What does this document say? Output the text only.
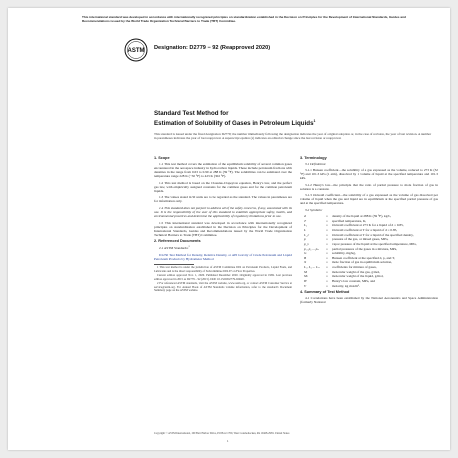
This international standard was developed in accordance with internationally recognized principles on standardization established in the Decision on Principles for the Development of International Standards, Guides and Recommendations issued by the World Trade Organization Technical Barriers to Trade (TBT) Committee.
ASTM
Designation: D2779 − 92 (Reapproved 2020)
Standard Test Method for
Estimation of Solubility of Gases in Petroleum Liquids$^1$
This standard is issued under the fixed designation D2779; the number immediately following the designation indicates the year of original adoption or, in the case of revision, the year of last revision. A number in parentheses indicates the year of last reapproval. A superscript epsilon (ε) indicates an editorial change since the last revision or reapproval.
1. Scope

1.1 This test method covers the estimation of the equilibrium solubility of several common gases encountered in the aerospace industry in hydrocarbon liquids. These include petroleum fractions with densities in the range from 0.63 to 0.90 at 288 K (59 °F). The solubilities can be estimated over the temperature range 228 K (−50 °F) to 423 K (302 °F).

1.2 This test method is based on the Clausius-Clapeyron equation, Henry's law, and the perfect gas law, with empirically assigned constants for the common gases and for the common petroleum liquids.

1.3 The values stated in SI units are to be regarded as the standard. The values in parentheses are for information only.

1.4 This standard does not purport to address all of the safety concerns, if any, associated with its use. It is the responsibility of the user of this standard to establish appropriate safety, health, and environmental practices and determine the applicability of regulatory limitations prior to use.

1.5 This international standard was developed in accordance with internationally recognized principles on standardization established in the Decision on Principles for the Development of International Standards, Guides and Recommendations issued by the World Trade Organization Technical Barriers to Trade (TBT) Committee.

2. Referenced Documents

2.1 ASTM Standards:$^2$

D1250 Test Method for Density, Relative Density, or API Gravity of Crude Petroleum and Liquid Petroleum Products by Hydrometer Method

1 This test method is under the jurisdiction of ASTM Committee D02 on Petroleum Products, Liquid Fuels, and Lubricants and is the direct responsibility of Subcommittee D02.07 on Flow Properties.

Current edition approved Nov. 1, 2020. Published December 2020. Originally approved in 1969. Last previous edition approved in 2015 as D2779 – 92 (2015). DOI: 10.1520/D2779-92R20.

2 For referenced ASTM standards, visit the ASTM website, www.astm.org, or contact ASTM Customer Service at service@astm.org. For Annual Book of ASTM Standards volume information, refer to the standard's Document Summary page on the ASTM website.

3. Terminology

3.1 Definitions:

3.1.1 Bunsen coefficient—the solubility of a gas expressed as the volume, reduced to 273 K (32 °F) and 101.3 kPa (1 atm), dissolved by 1 volume of liquid at the specified temperature and 101.3 kPa.

3.1.2 Henry's law—the principle that the ratio of partial pressure to mole fraction of gas in solution is a constant.

3.1.3 Ostwald coefficient—the solubility of a gas expressed as the volume of gas dissolved per volume of liquid when the gas and liquid are in equilibrium at the specified partial pressure of gas and at the specified temperature.

3.2 Symbols:

d	=	density of the liquid at 288 K (59 °F), kg/L,
T	=	specified temperature, K,
L₀	=	Ostwald coefficient at 273 K for a liquid of d = 0.85,
L	=	Ostwald coefficient at T for a liquid of d = 0.85,
L_c	=	Ostwald coefficient at T for a liquid of the specified density,
p	=	pressure of the gas, or mixed gases, MPa,
p_v	=	vapor pressure of the liquid at the specified temperature, MPa,
p₁, p₂ ... pₙ	=	partial pressures of the gases in a mixture, MPa,
G	=	solubility, mg/kg,
B	=	Bunsen coefficient at the specified d, p, and T,
X	=	mole fraction of gas in equilibrium solution,
L₁, L₂ ... Lₙ	=	coefficients for mixture of gases,
M	=	molecular weight of the gas, g/mol,
Mₗ	=	molecular weight of the liquid, g/mol,
H	=	Henry's law constant, MPa, and
V	=	molarity, kg mol/m³.
4. Summary of Test Method

4.1 Correlations have been established by the National Aeronautics and Space Administration (formerly National

Copyright © ASTM International, 100 Barr Harbor Drive, PO Box C700, West Conshohocken, PA 19428-2959. United States
1
